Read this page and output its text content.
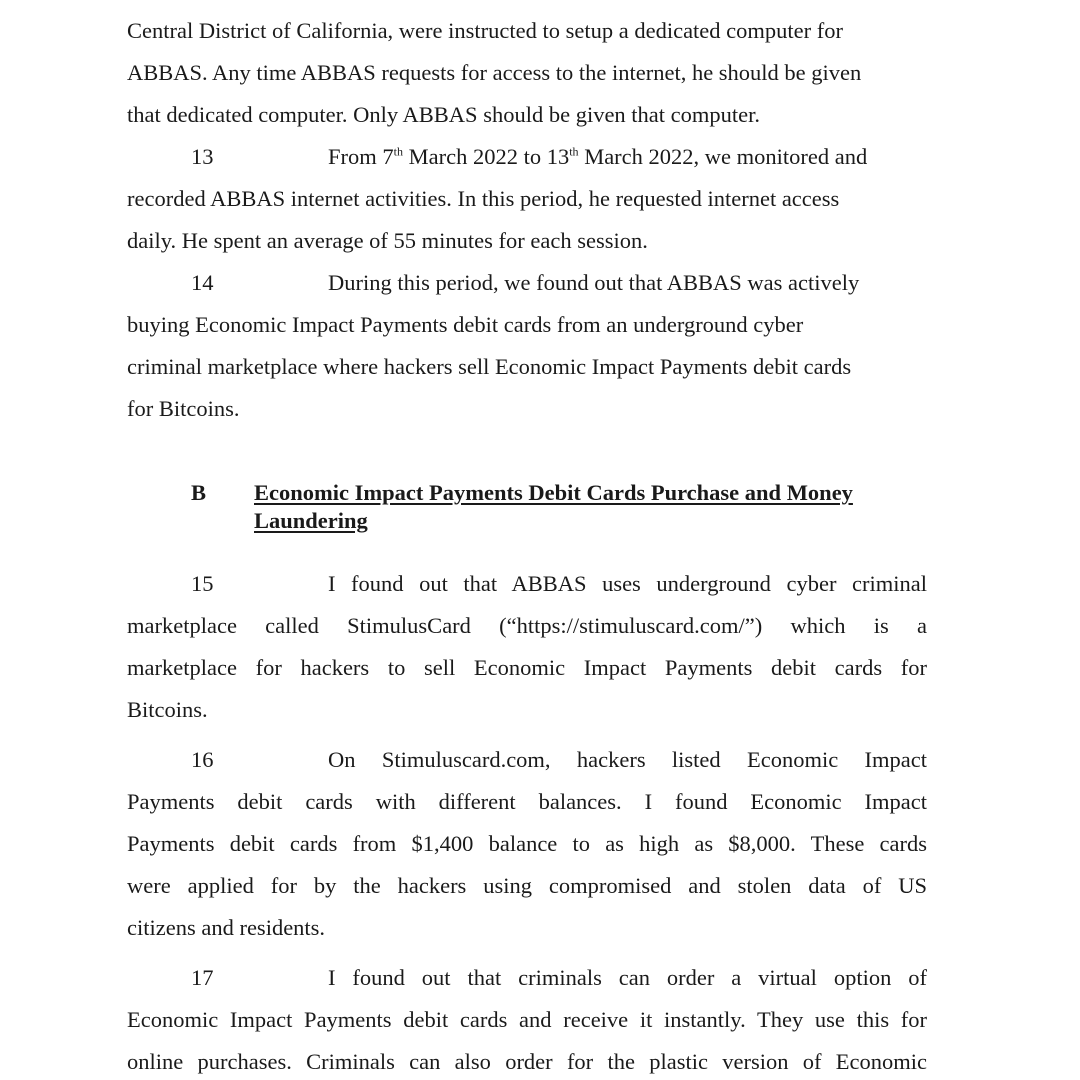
Central District of California, were instructed to setup a dedicated computer for
ABBAS. Any time ABBAS requests for access to the internet, he should be given
that dedicated computer. Only ABBAS should be given that computer.
13	From 7th March 2022 to 13th March 2022, we monitored and
recorded ABBAS internet activities. In this period, he requested internet access
daily. He spent an average of 55 minutes for each session.
14	During this period, we found out that ABBAS was actively
buying Economic Impact Payments debit cards from an underground cyber
criminal marketplace where hackers sell Economic Impact Payments debit cards
for Bitcoins.
B Economic Impact Payments Debit Cards Purchase and Money
Laundering
15	I found out that ABBAS uses underground cyber criminal
marketplace called StimulusCard (“https://stimuluscard.com/”) which is a
marketplace for hackers to sell Economic Impact Payments debit cards for
Bitcoins.
16	On Stimuluscard.com, hackers listed Economic Impact
Payments debit cards with different balances. I found Economic Impact
Payments debit cards from $1,400 balance to as high as $8,000. These cards
were applied for by the hackers using compromised and stolen data of US
citizens and residents.
17	I found out that criminals can order a virtual option of
Economic Impact Payments debit cards and receive it instantly. They use this for
online purchases. Criminals can also order for the plastic version of Economic
